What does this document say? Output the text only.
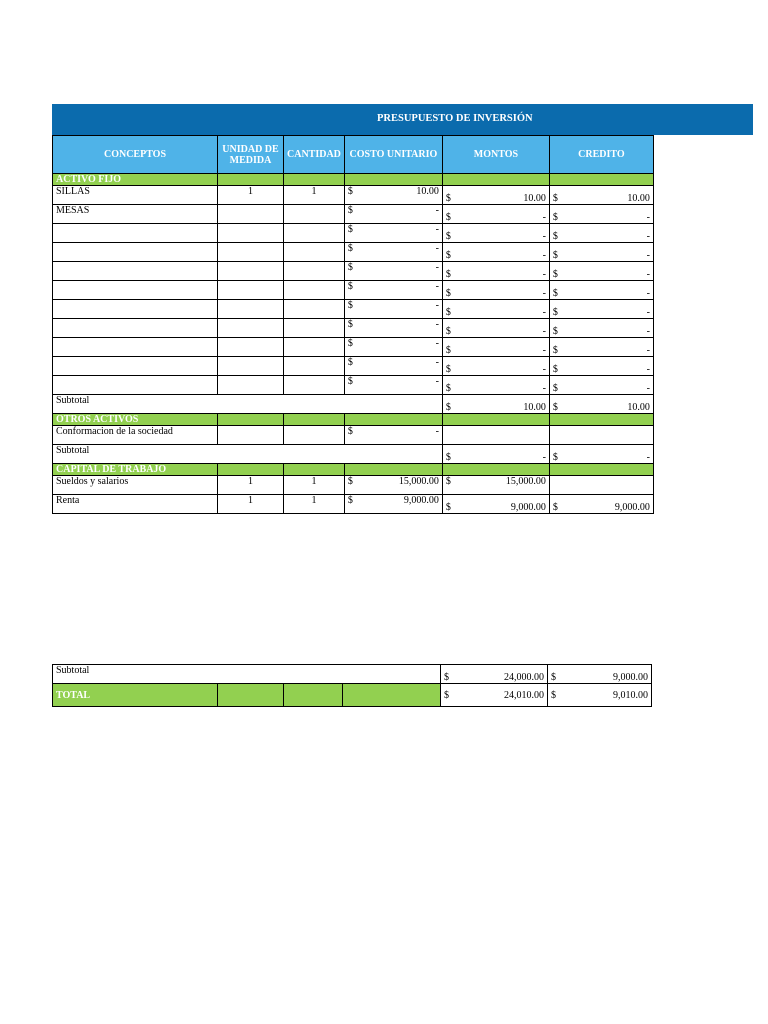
PRESUPUESTO DE INVERSIÓN
CONCEPTOS	UNIDAD DE MEDIDA	CANTIDAD	COSTO UNITARIO	MONTOS	CREDITO
ACTIVO FIJO					
SILLAS	1	1	$ 10.00	$ 10.00	$ 10.00

MESAS			$ -	$ -	$ -

			$ -	$ -	$ -

			$ -	$ -	$ -

			$ -	$ -	$ -

			$ -	$ -	$ -

			$ -	$ -	$ -

			$ -	$ -	$ -

			$ -	$ -	$ -

			$ -	$ -	$ -

			$ -	$ -	$ -

Subtotal				$ 10.00	$ 10.00

OTROS ACTIVOS					
Conformacion de la sociedad			$ -		

Subtotal				$ -	$ -

CAPITAL DE TRABAJO					
Sueldos y salarios	1	1	$ 15,000.00	$ 15,000.00	

Renta	1	1	$ 9,000.00	$ 9,000.00	$ 9,000.00
Subtotal				$ 24,000.00	$ 9,000.00

TOTAL				$ 24,010.00	$ 9,010.00
